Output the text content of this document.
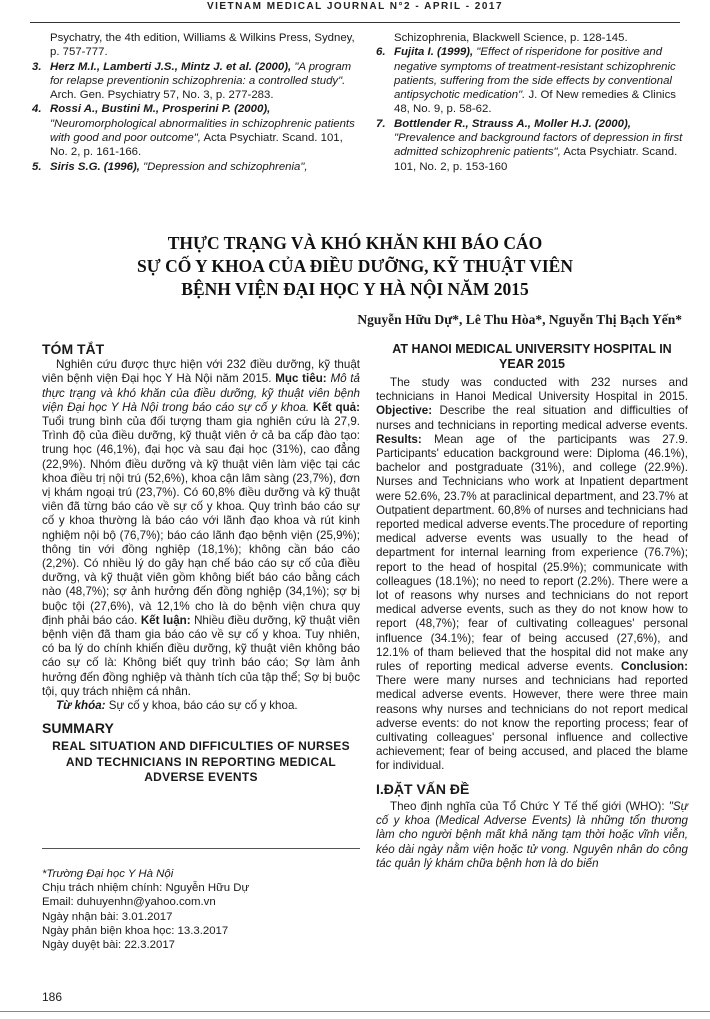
VIETNAM MEDICAL JOURNAL N°2 - APRIL - 2017
Psychatry, the 4th edition, Williams & Wilkins Press, Sydney, p. 757-777.
3. Herz M.I., Lamberti J.S., Mintz J. et al. (2000), "A program for relapse preventionin schizophrenia: a controlled study". Arch. Gen. Psychiatry 57, No. 3, p. 277-283.
4. Rossi A., Bustini M., Prosperini P. (2000), "Neuromorphological abnormalities in schizophrenic patients with good and poor outcome", Acta Psychiatr. Scand. 101, No. 2, p. 161-166.
5. Siris S.G. (1996), "Depression and schizophrenia",
Schizophrenia, Blackwell Science, p. 128-145.
6. Fujita I. (1999), "Effect of risperidone for positive and negative symptoms of treatment-resistant schizophrenic patients, suffering from the side effects by conventional antipsychotic medication". J. Of New remedies & Clinics 48, No. 9, p. 58-62.
7. Bottlender R., Strauss A., Moller H.J. (2000), "Prevalence and background factors of depression in first admitted schizophrenic patients", Acta Psychiatr. Scand. 101, No. 2, p. 153-160
THỰC TRẠNG VÀ KHÓ KHĂN KHI BÁO CÁO
SỰ CỐ Y KHOA CỦA ĐIỀU DƯỠNG, KỸ THUẬT VIÊN
BỆNH VIỆN ĐẠI HỌC Y HÀ NỘI NĂM 2015
Nguyễn Hữu Dự*, Lê Thu Hòa*, Nguyễn Thị Bạch Yến*
TÓM TẮT

Nghiên cứu được thực hiện với 232 điều dưỡng, kỹ thuật viên bệnh viện Đại học Y Hà Nội năm 2015. Mục tiêu: Mô tả thực trạng và khó khăn của điều dưỡng, kỹ thuật viên bệnh viện Đại học Y Hà Nội trong báo cáo sự cố y khoa. Kết quả: Tuổi trung bình của đối tượng tham gia nghiên cứu là 27,9. Trình độ của điều dưỡng, kỹ thuật viên ở cả ba cấp đào tạo: trung học (46,1%), đại học và sau đại học (31%), cao đẳng (22,9%). Nhóm điều dưỡng và kỹ thuật viên làm việc tại các khoa điều trị nội trú (52,6%), khoa cận lâm sàng (23,7%), đơn vị khám ngoại trú (23,7%). Có 60,8% điều dưỡng và kỹ thuật viên đã từng báo cáo về sự cố y khoa. Quy trình báo cáo sự cố y khoa thường là báo cáo với lãnh đạo khoa và rút kinh nghiệm nội bộ (76,7%); báo cáo lãnh đạo bệnh viện (25,9%); thông tin với đồng nghiệp (18,1%); không cần báo cáo (2,2%). Có nhiều lý do gây hạn chế báo cáo sự cố của điều dưỡng, và kỹ thuật viên gồm không biết báo cáo bằng cách nào (48,7%); sợ ảnh hưởng đến đồng nghiệp (34,1%); sợ bị buộc tội (27,6%), và 12,1% cho là do bệnh viện chưa quy định phải báo cáo. Kết luận: Nhiều điều dưỡng, kỹ thuật viên bệnh viện đã tham gia báo cáo về sự cố y khoa. Tuy nhiên, có ba lý do chính khiến điều dưỡng, kỹ thuật viên không báo cáo sự cố là: Không biết quy trình báo cáo; Sợ làm ảnh hưởng đến đồng nghiệp và thành tích của tập thể; Sợ bị buộc tội, quy trách nhiệm cá nhân.

Từ khóa: Sự cố y khoa, báo cáo sự cố y khoa.

SUMMARY
REAL SITUATION AND DIFFICULTIES OF NURSES AND TECHNICIANS IN REPORTING MEDICAL ADVERSE EVENTS
*Trường Đại học Y Hà Nội
Chịu trách nhiệm chính: Nguyễn Hữu Dự
Email: duhuyenhn@yahoo.com.vn
Ngày nhận bài: 3.01.2017
Ngày phản biện khoa học: 13.3.2017
Ngày duyệt bài: 22.3.2017
AT HANOI MEDICAL UNIVERSITY HOSPITAL IN YEAR 2015

The study was conducted with 232 nurses and technicians in Hanoi Medical University Hospital in 2015. Objective: Describe the real situation and difficulties of nurses and technicians in reporting medical adverse events. Results: Mean age of the participants was 27.9. Participants' education background were: Diploma (46.1%), bachelor and postgraduate (31%), and college (22.9%). Nurses and Technicians who work at Inpatient department were 52.6%, 23.7% at paraclinical department, and 23.7% at Outpatient department. 60,8% of nurses and technicians had reported medical adverse events.The procedure of reporting medical adverse events was usually to the head of department for internal learning from experience (76.7%); report to the head of hospital (25.9%); communicate with colleagues (18.1%); no need to report (2.2%). There were a lot of reasons why nurses and technicians do not report medical adverse events, such as they do not know how to report (48,7%); fear of cultivating colleagues' personal influence (34.1%); fear of being accused (27,6%), and 12.1% of tham believed that the hospital did not make any rules of reporting medical adverse events. Conclusion: There were many nurses and technicians had reported medical adverse events. However, there were three main reasons why nurses and technicians do not report medical adverse events: do not know the reporting process; fear of cultivating colleagues' personal influence and collective achievement; fear of being accused, and placed the blame for individual.

I.ĐẶT VẤN ĐỀ

Theo định nghĩa của Tổ Chức Y Tế thế giới (WHO): "Sự cố y khoa (Medical Adverse Events) là những tổn thương làm cho người bệnh mất khả năng tạm thời hoặc vĩnh viễn, kéo dài ngày nằm viện hoặc tử vong. Nguyên nhân do công tác quản lý khám chữa bệnh hơn là do biến

186
